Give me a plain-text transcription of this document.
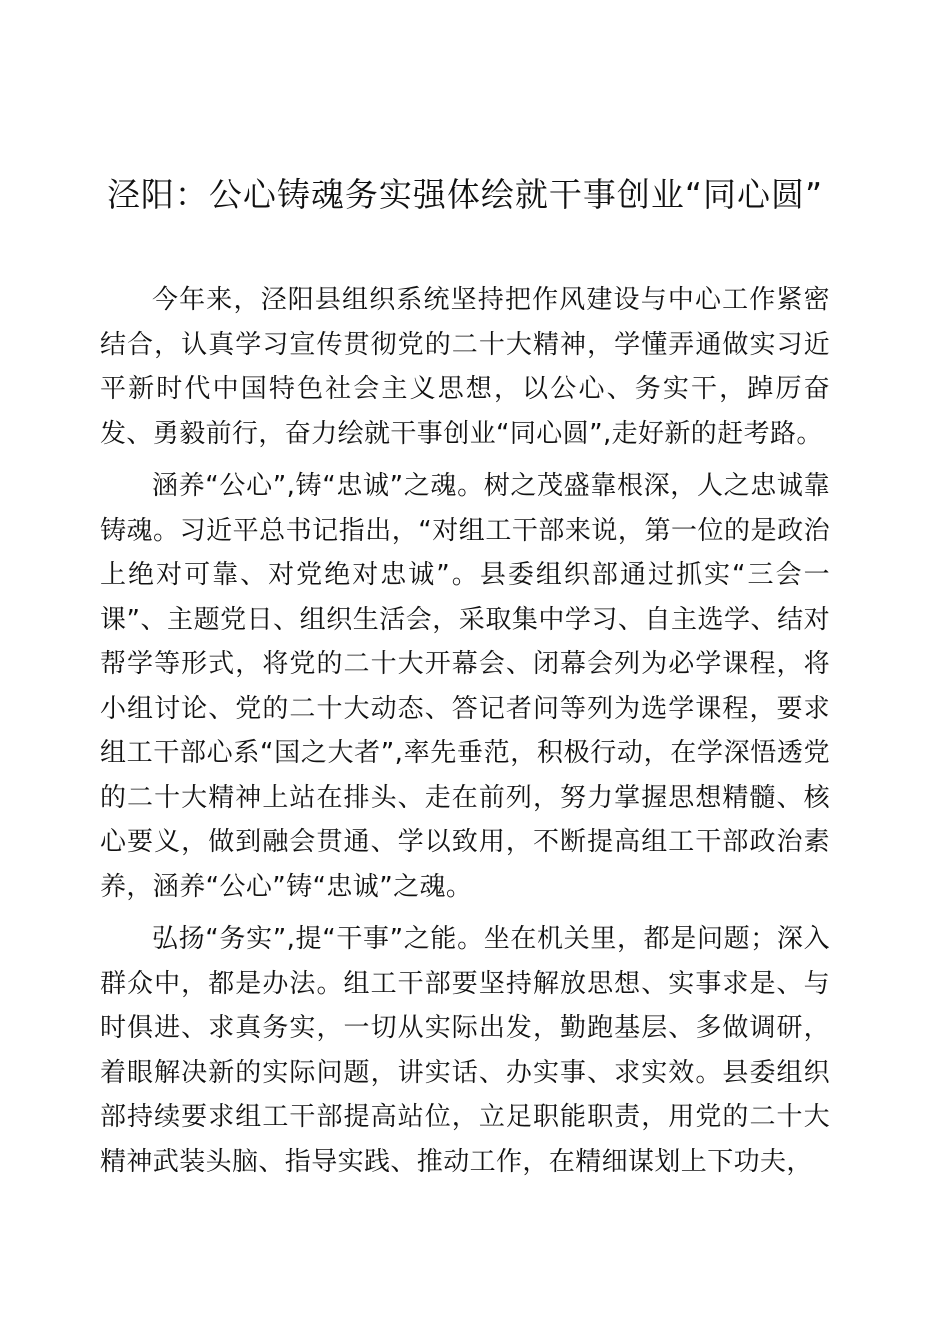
泾阳：公心铸魂务实强体绘就干事创业“同心圆”

今年来，泾阳县组织系统坚持把作风建设与中心工作紧密结合，认真学习宣传贯彻党的二十大精神，学懂弄通做实习近平新时代中国特色社会主义思想，以公心、务实干，踔厉奋发、勇毅前行，奋力绘就干事创业“同心圆”,走好新的赶考路。

涵养“公心”,铸“忠诚”之魂。树之茂盛靠根深，人之忠诚靠铸魂。习近平总书记指出，“对组工干部来说，第一位的是政治上绝对可靠、对党绝对忠诚”。县委组织部通过抓实“三会一课”、主题党日、组织生活会，采取集中学习、自主选学、结对帮学等形式，将党的二十大开幕会、闭幕会列为必学课程，将小组讨论、党的二十大动态、答记者问等列为选学课程，要求组工干部心系“国之大者”,率先垂范，积极行动，在学深悟透党的二十大精神上站在排头、走在前列，努力掌握思想精髓、核心要义，做到融会贯通、学以致用，不断提高组工干部政治素养，涵养“公心”铸“忠诚”之魂。

弘扬“务实”,提“干事”之能。坐在机关里，都是问题；深入群众中，都是办法。组工干部要坚持解放思想、实事求是、与时俱进、求真务实，一切从实际出发，勤跑基层、多做调研，着眼解决新的实际问题，讲实话、办实事、求实效。县委组织部持续要求组工干部提高站位，立足职能职责，用党的二十大精神武装头脑、指导实践、推动工作，在精细谋划上下功夫，
